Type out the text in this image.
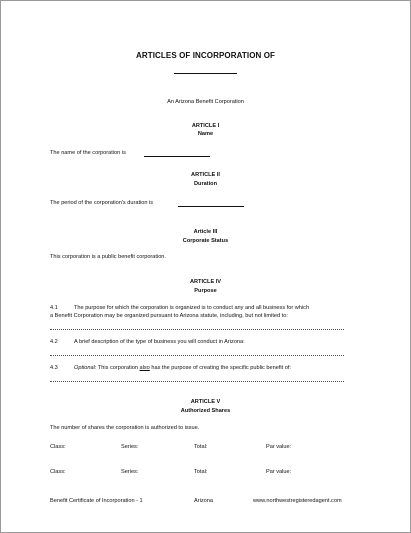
ARTICLES OF INCORPORATION OF
An Arizona Benefit Corporation
ARTICLE I
Name
The name of the corporation is
ARTICLE II
Duration
The period of the corporation's duration is
Article III
Corporate Status
This corporation is a public benefit corporation.
ARTICLE IV
Purpose
4.1	The purpose for which the corporation is organized is to conduct any and all business for which
a Benefit Corporation may be organized pursuant to Arizona statute, including, but not limited to:
4.2	A brief description of the type of business you will conduct in Arizona:
4.3	Optional: This corporation also has the purpose of creating the specific public benefit of:
ARTICLE V
Authorized Shares
The number of shares the corporation is authorized to issue.
Class:	Series:	Total:	Par value:
Class:	Series:	Total:	Par value:
Benefit Certificate of Incorporation - 1	Arizona	www.northwestregisteredagent.com
